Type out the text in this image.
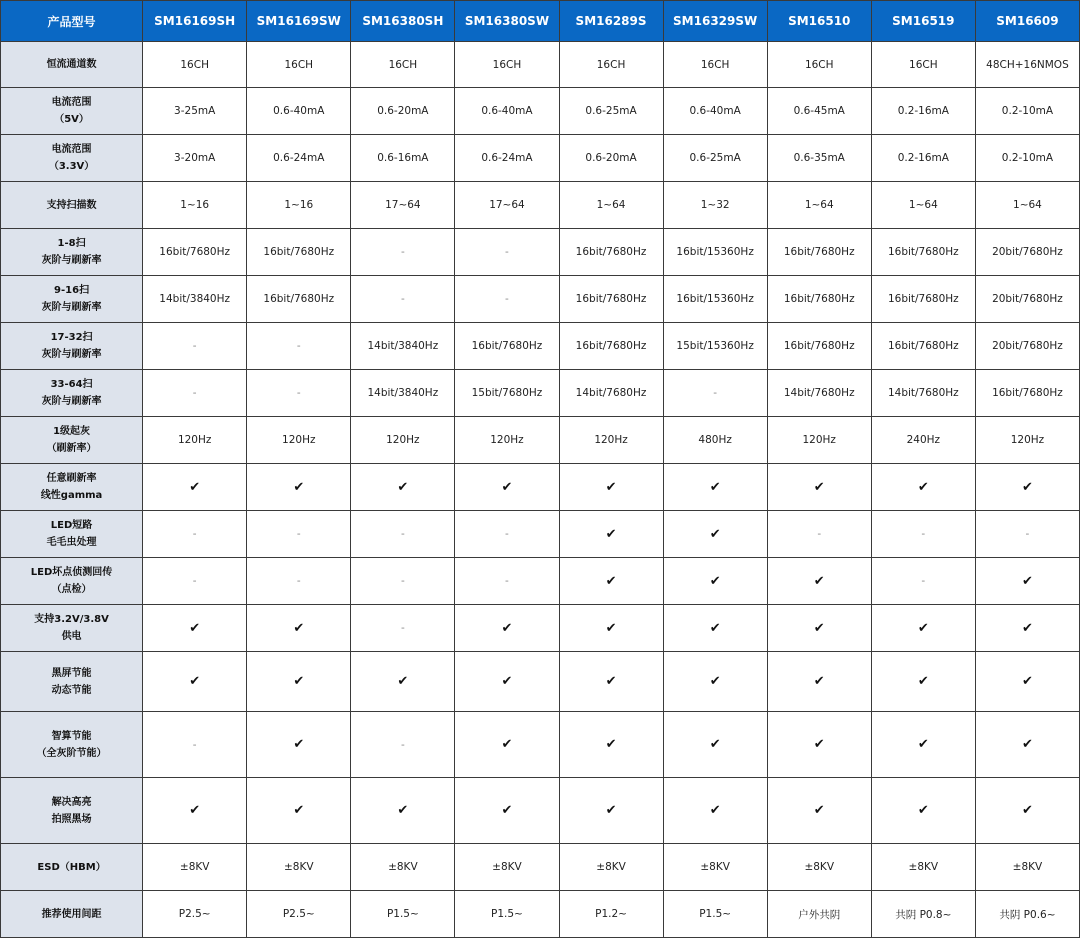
产品型号	SM16169SH	SM16169SW	SM16380SH	SM16380SW	SM16289S	SM16329SW	SM16510	SM16519	SM16609

恒流通道数	16CH	16CH	16CH	16CH	16CH	16CH	16CH	16CH	48CH+16NMOS

电流范围
（5V）	3-25mA	0.6-40mA	0.6-20mA	0.6-40mA	0.6-25mA	0.6-40mA	0.6-45mA	0.2-16mA	0.2-10mA

电流范围
（3.3V）	3-20mA	0.6-24mA	0.6-16mA	0.6-24mA	0.6-20mA	0.6-25mA	0.6-35mA	0.2-16mA	0.2-10mA

支持扫描数	1~16	1~16	17~64	17~64	1~64	1~32	1~64	1~64	1~64

1-8扫
灰阶与刷新率	16bit/7680Hz	16bit/7680Hz	-	-	16bit/7680Hz	16bit/15360Hz	16bit/7680Hz	16bit/7680Hz	20bit/7680Hz

9-16扫
灰阶与刷新率	14bit/3840Hz	16bit/7680Hz	-	-	16bit/7680Hz	16bit/15360Hz	16bit/7680Hz	16bit/7680Hz	20bit/7680Hz

17-32扫
灰阶与刷新率	-	-	14bit/3840Hz	16bit/7680Hz	16bit/7680Hz	15bit/15360Hz	16bit/7680Hz	16bit/7680Hz	20bit/7680Hz

33-64扫
灰阶与刷新率	-	-	14bit/3840Hz	15bit/7680Hz	14bit/7680Hz	-	14bit/7680Hz	14bit/7680Hz	16bit/7680Hz

1级起灰
（刷新率）	120Hz	120Hz	120Hz	120Hz	120Hz	480Hz	120Hz	240Hz	120Hz

任意刷新率
线性gamma	✔	✔	✔	✔	✔	✔	✔	✔	✔

LED短路
毛毛虫处理	-	-	-	-	✔	✔	-	-	-

LED坏点侦测回传
（点检）	-	-	-	-	✔	✔	✔	-	✔

支持3.2V/3.8V
供电	✔	✔	-	✔	✔	✔	✔	✔	✔

黑屏节能
动态节能	✔	✔	✔	✔	✔	✔	✔	✔	✔

智算节能
（全灰阶节能）	-	✔	-	✔	✔	✔	✔	✔	✔

解决高亮
拍照黑场	✔	✔	✔	✔	✔	✔	✔	✔	✔

ESD（HBM）	±8KV	±8KV	±8KV	±8KV	±8KV	±8KV	±8KV	±8KV	±8KV

推荐使用间距	P2.5~	P2.5~	P1.5~	P1.5~	P1.2~	P1.5~	户外共阴	共阴 P0.8~	共阴 P0.6~
